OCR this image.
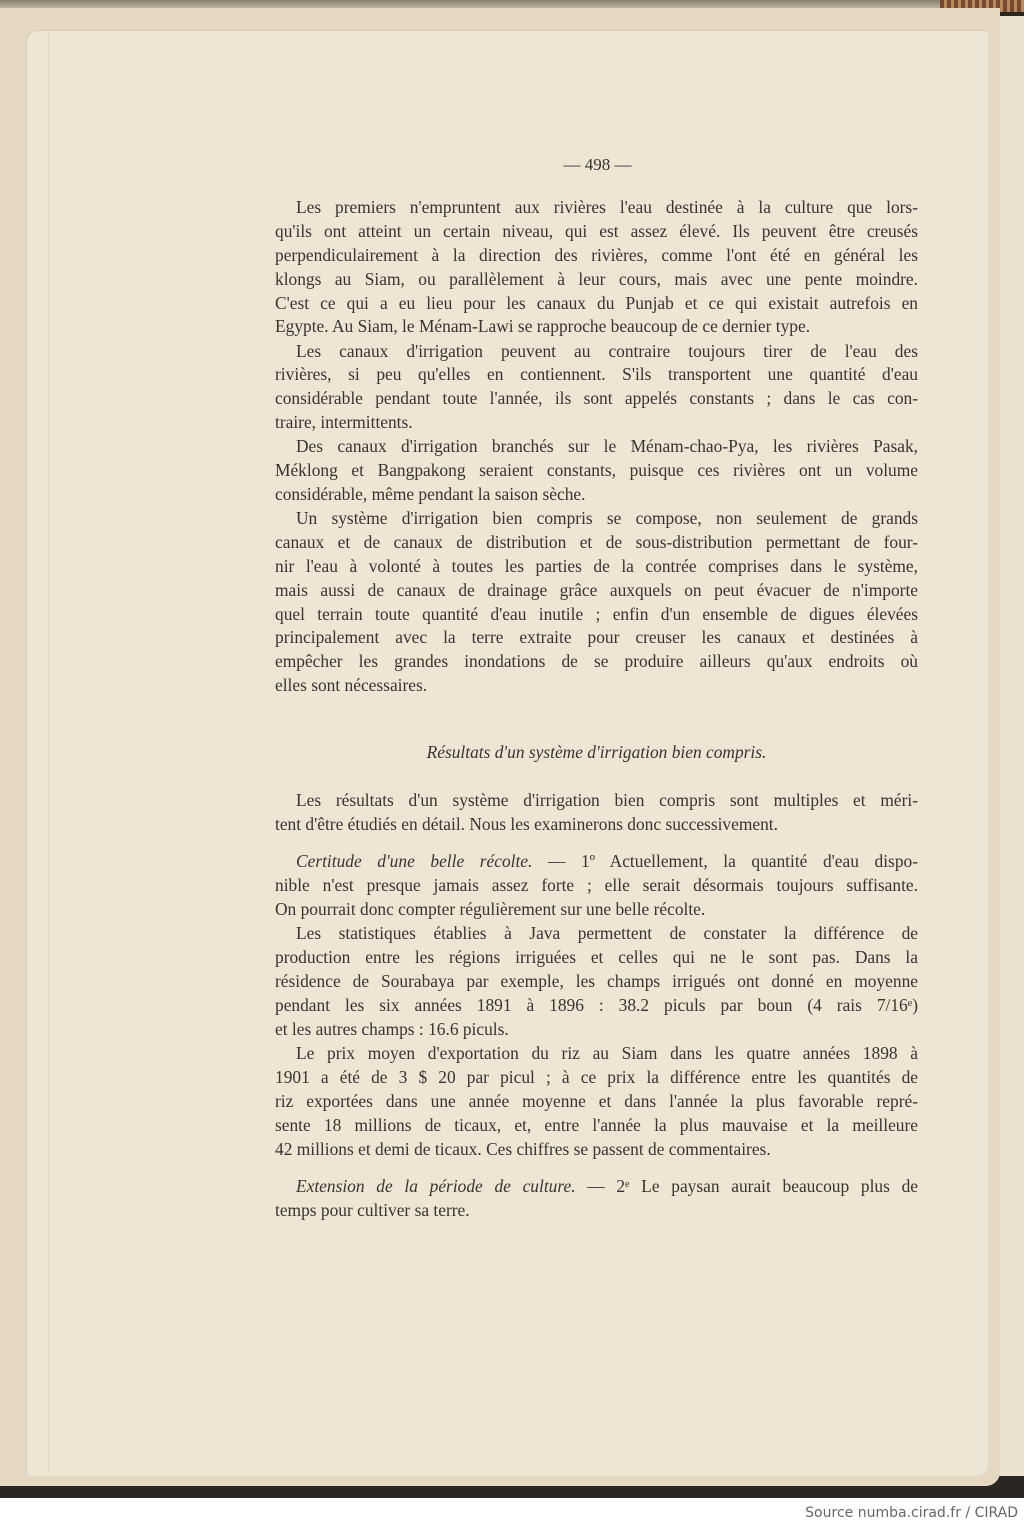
— 498 —
Les premiers n'empruntent aux rivières l'eau destinée à la culture que lors-
qu'ils ont atteint un certain niveau, qui est assez élevé. Ils peuvent être creusés
perpendiculairement à la direction des rivières, comme l'ont été en général les
klongs au Siam, ou parallèlement à leur cours, mais avec une pente moindre.
C'est ce qui a eu lieu pour les canaux du Punjab et ce qui existait autrefois en
Egypte. Au Siam, le Ménam-Lawi se rapproche beaucoup de ce dernier type.
Les canaux d'irrigation peuvent au contraire toujours tirer de l'eau des
rivières, si peu qu'elles en contiennent. S'ils transportent une quantité d'eau
considérable pendant toute l'année, ils sont appelés constants ; dans le cas con-
traire, intermittents.
Des canaux d'irrigation branchés sur le Ménam-chao-Pya, les rivières Pasak,
Méklong et Bangpakong seraient constants, puisque ces rivières ont un volume
considérable, même pendant la saison sèche.
Un système d'irrigation bien compris se compose, non seulement de grands
canaux et de canaux de distribution et de sous-distribution permettant de four-
nir l'eau à volonté à toutes les parties de la contrée comprises dans le système,
mais aussi de canaux de drainage grâce auxquels on peut évacuer de n'importe
quel terrain toute quantité d'eau inutile ; enfin d'un ensemble de digues élevées
principalement avec la terre extraite pour creuser les canaux et destinées à
empêcher les grandes inondations de se produire ailleurs qu'aux endroits où
elles sont nécessaires.
Résultats d'un système d'irrigation bien compris.
Les résultats d'un système d'irrigation bien compris sont multiples et méri-
tent d'être étudiés en détail. Nous les examinerons donc successivement.
Certitude d'une belle récolte. — 1º Actuellement, la quantité d'eau dispo-
nible n'est presque jamais assez forte ; elle serait désormais toujours suffisante.
On pourrait donc compter régulièrement sur une belle récolte.
Les statistiques établies à Java permettent de constater la différence de
production entre les régions irriguées et celles qui ne le sont pas. Dans la
résidence de Sourabaya par exemple, les champs irrigués ont donné en moyenne
pendant les six années 1891 à 1896 : 38.2 piculs par boun (4 rais 7/16ᵉ)
et les autres champs : 16.6 piculs.
Le prix moyen d'exportation du riz au Siam dans les quatre années 1898 à
1901 a été de 3 $ 20 par picul ; à ce prix la différence entre les quantités de
riz exportées dans une année moyenne et dans l'année la plus favorable repré-
sente 18 millions de ticaux, et, entre l'année la plus mauvaise et la meilleure
42 millions et demi de ticaux. Ces chiffres se passent de commentaires.
Extension de la période de culture. — 2ᵉ Le paysan aurait beaucoup plus de
temps pour cultiver sa terre.
Source numba.cirad.fr / CIRAD
